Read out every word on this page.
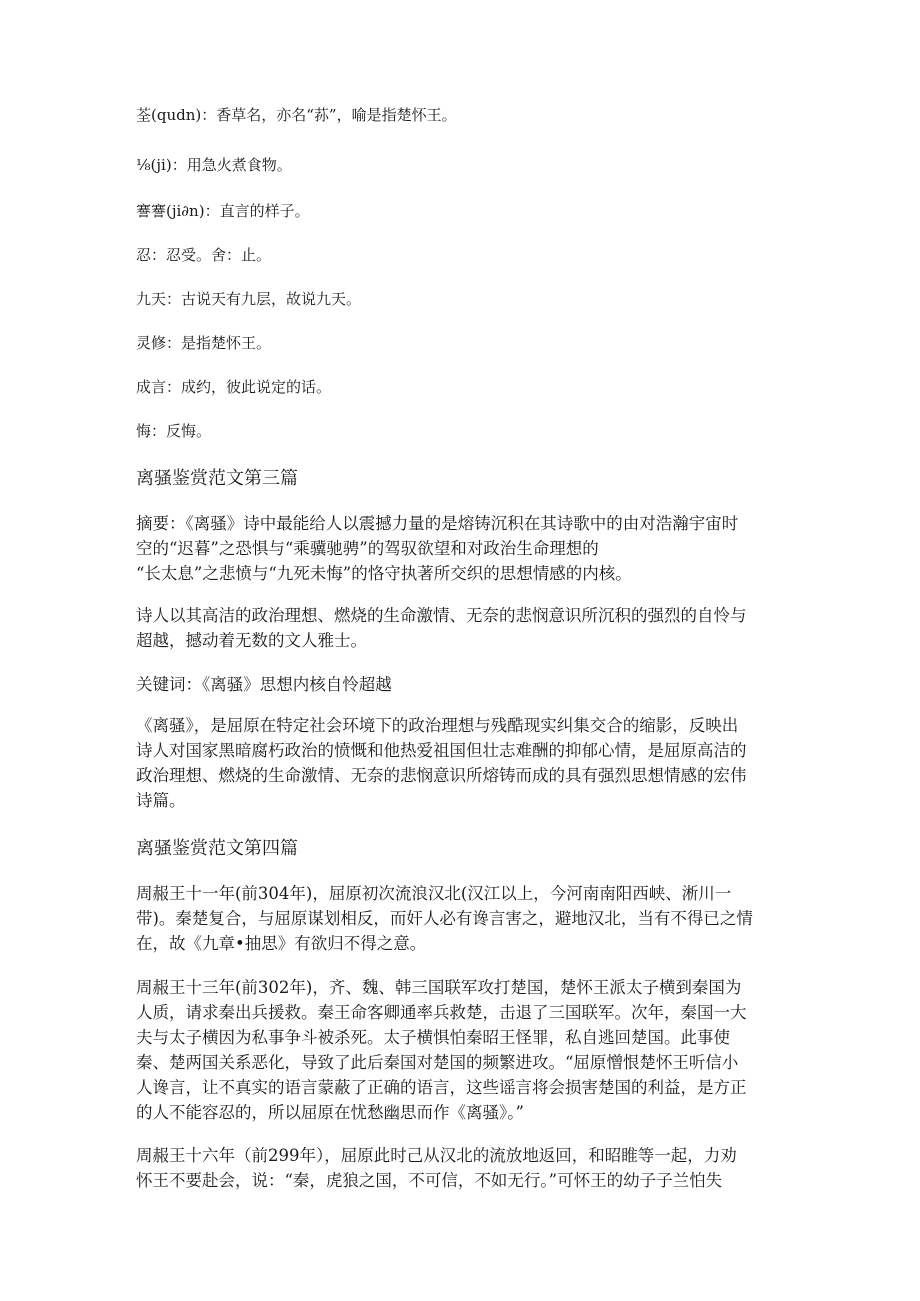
荃(qudn)：香草名，亦名“荪”，喻是指楚怀王。
⅛(ji)：用急火煮食物。
謇謇(ji∂n)：直言的样子。
忍：忍受。舍：止。
九天：古说天有九层，故说九天。
灵修：是指楚怀王。
成言：成约，彼此说定的话。
悔：反悔。
离骚鉴赏范文第三篇
摘要：《离骚》诗中最能给人以震撼力量的是熔铸沉积在其诗歌中的由对浩瀚宇宙时
空的“迟暮”之恐惧与“乘骥驰骋”的驾驭欲望和对政治生命理想的
“长太息”之悲愤与“九死未悔”的恪守执著所交织的思想情感的内核。
诗人以其高洁的政治理想、燃烧的生命激情、无奈的悲悯意识所沉积的强烈的自怜与
超越，撼动着无数的文人雅士。
关键词：《离骚》思想内核自怜超越
《离骚》，是屈原在特定社会环境下的政治理想与残酷现实纠集交合的缩影，反映出
诗人对国家黑暗腐朽政治的愤慨和他热爱祖国但壮志难酬的抑郁心情，是屈原高洁的
政治理想、燃烧的生命激情、无奈的悲悯意识所熔铸而成的具有强烈思想情感的宏伟
诗篇。
离骚鉴赏范文第四篇
周赧王十一年(前304年)，屈原初次流浪汉北(汉江以上，今河南南阳西峡、淅川一
带)。秦楚复合，与屈原谋划相反，而奸人必有谗言害之，避地汉北，当有不得已之情
在，故《九章•抽思》有欲归不得之意。
周赧王十三年(前302年)，齐、魏、韩三国联军攻打楚国，楚怀王派太子横到秦国为
人质，请求秦出兵援救。秦王命客卿通率兵救楚，击退了三国联军。次年，秦国一大
夫与太子横因为私事争斗被杀死。太子横惧怕秦昭王怪罪，私自逃回楚国。此事使
秦、楚两国关系恶化，导致了此后秦国对楚国的频繁进攻。“屈原憎恨楚怀王听信小
人谗言，让不真实的语言蒙蔽了正确的语言，这些谣言将会损害楚国的利益，是方正
的人不能容忍的，所以屈原在忧愁幽思而作《离骚》。”
周赧王十六年（前299年），屈原此时己从汉北的流放地返回，和昭睢等一起，力劝
怀王不要赴会，说：“秦，虎狼之国，不可信，不如无行。”可怀王的幼子子兰怕失
